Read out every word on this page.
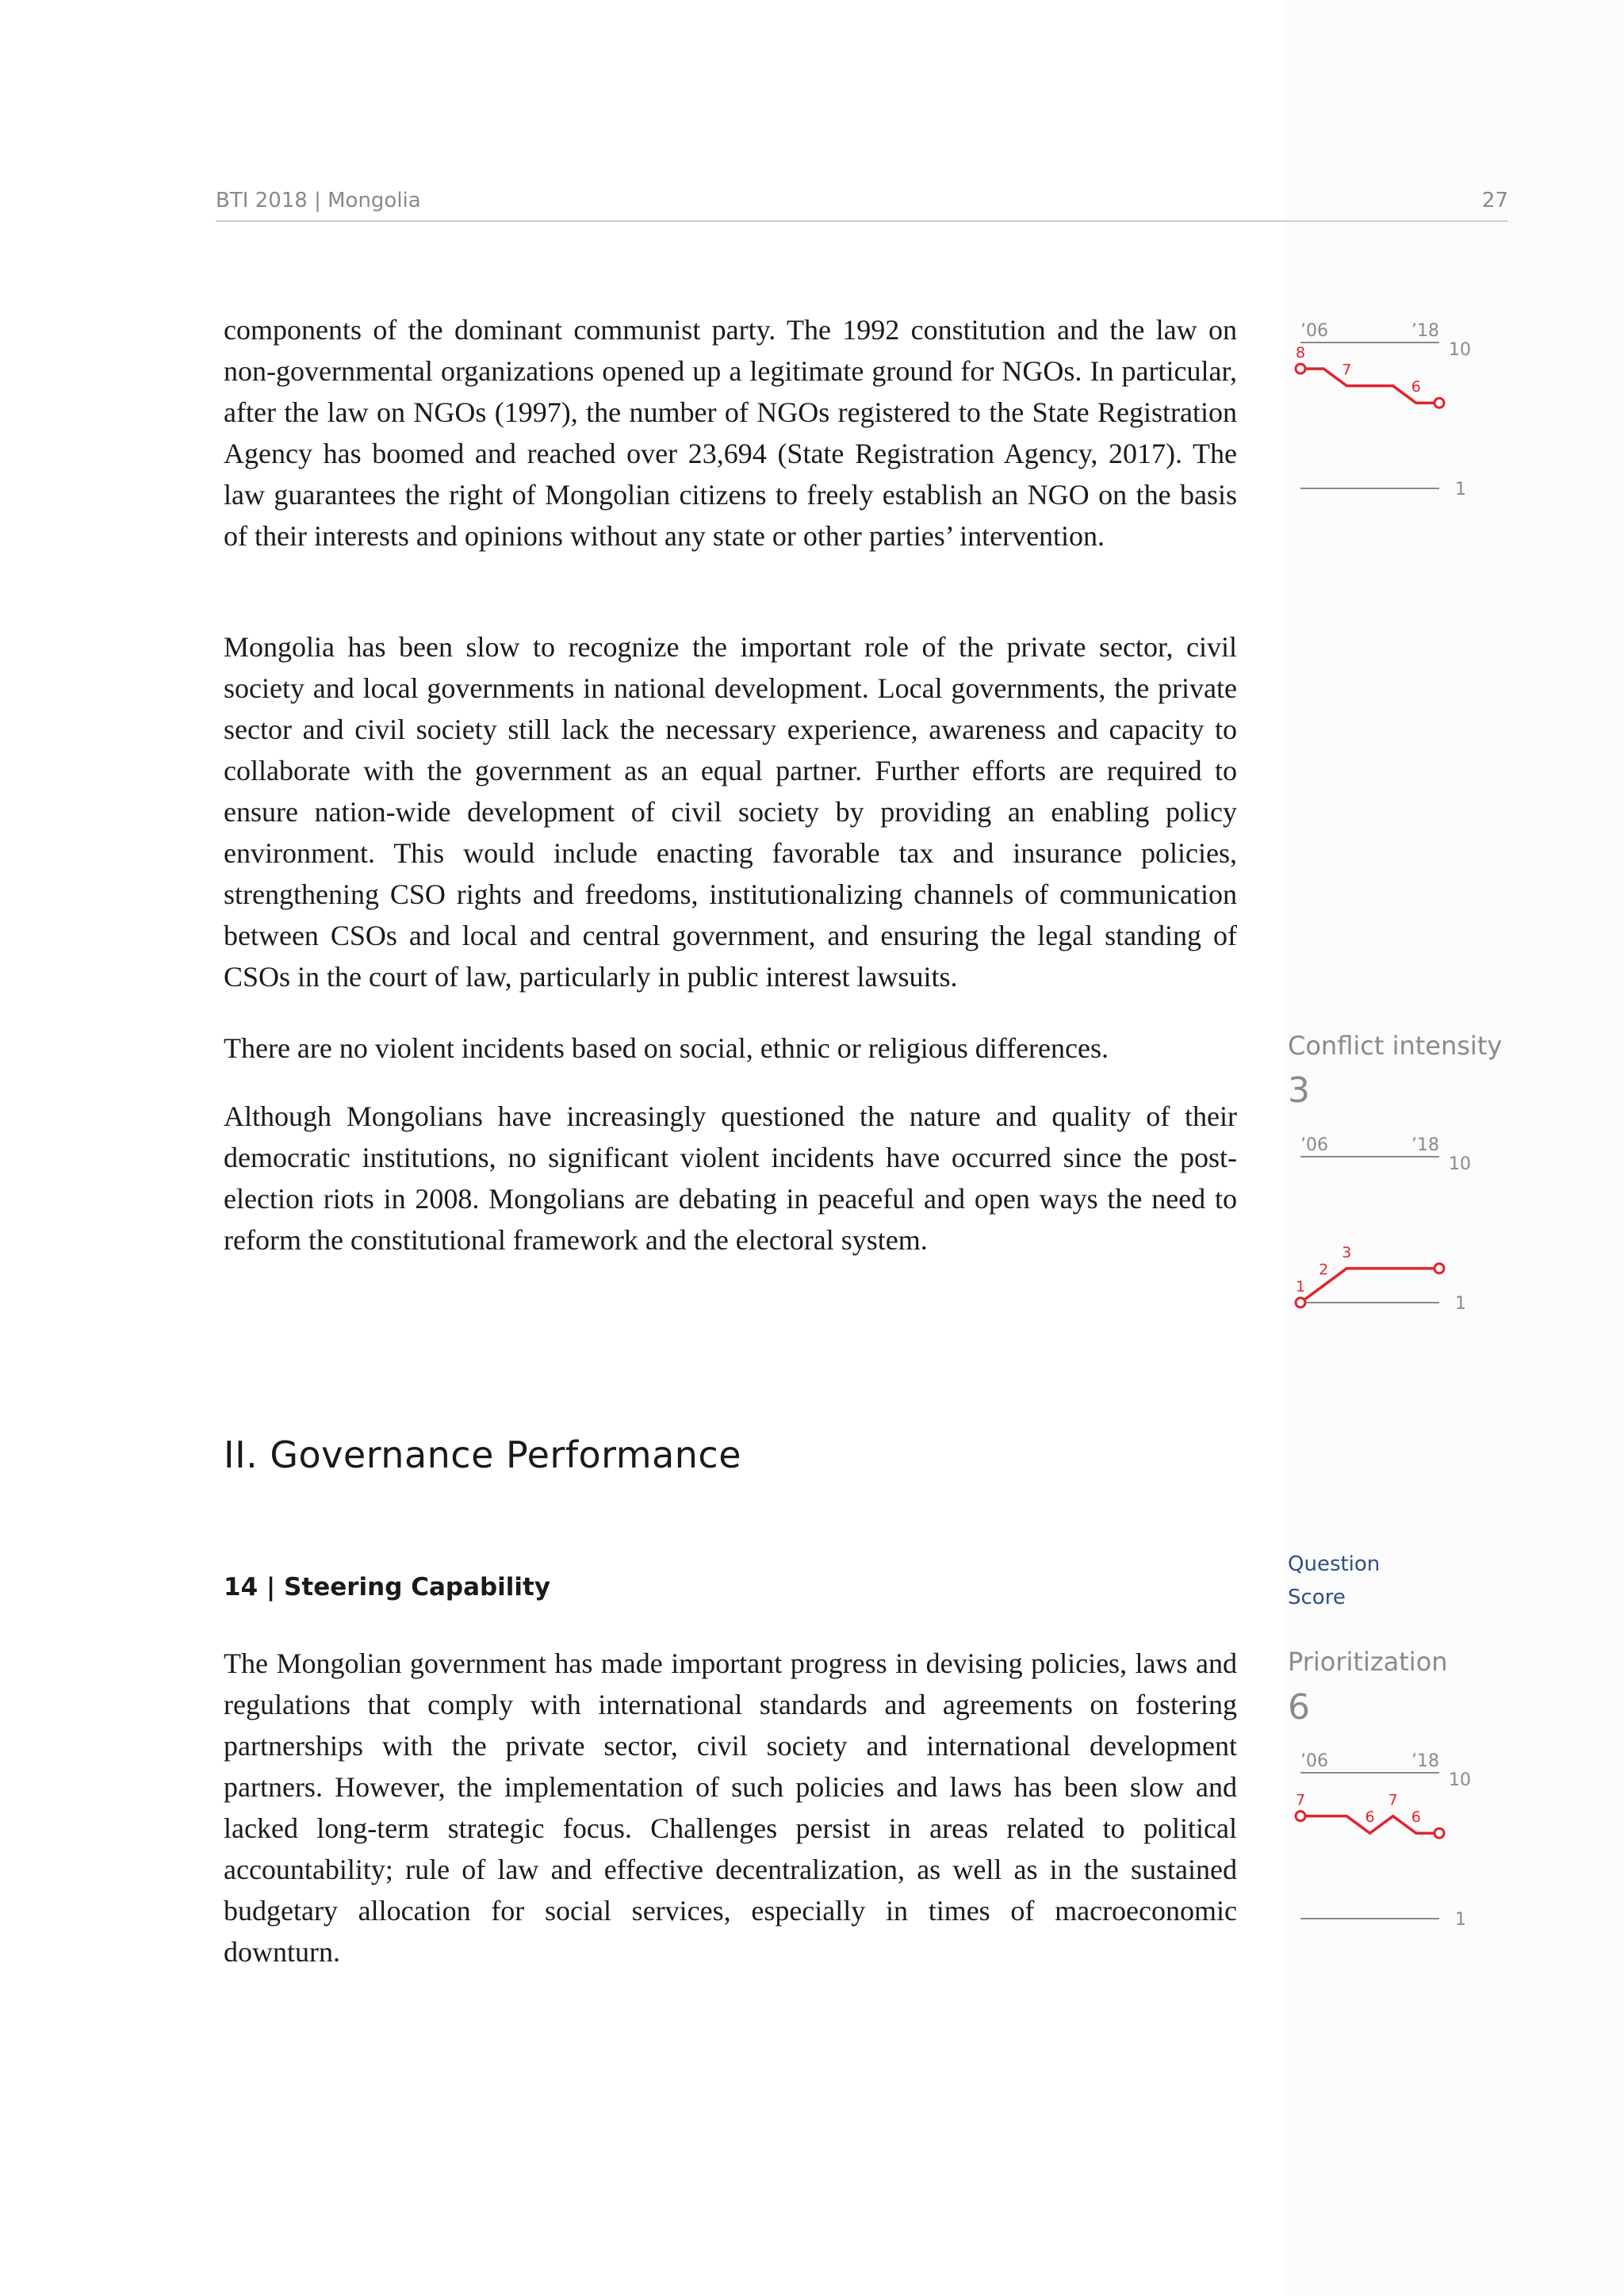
BTI 2018 | Mongolia	27

components of the dominant communist party. The 1992 constitution and the law on non-governmental organizations opened up a legitimate ground for NGOs. In particular, after the law on NGOs (1997), the number of NGOs registered to the State Registration Agency has boomed and reached over 23,694 (State Registration Agency, 2017). The law guarantees the right of Mongolian citizens to freely establish an NGO on the basis of their interests and opinions without any state or other parties’ intervention.

Mongolia has been slow to recognize the important role of the private sector, civil society and local governments in national development. Local governments, the private sector and civil society still lack the necessary experience, awareness and capacity to collaborate with the government as an equal partner. Further efforts are required to ensure nation-wide development of civil society by providing an enabling policy environment. This would include enacting favorable tax and insurance policies, strengthening CSO rights and freedoms, institutionalizing channels of communication between CSOs and local and central government, and ensuring the legal standing of CSOs in the court of law, particularly in public interest lawsuits.

There are no violent incidents based on social, ethnic or religious differences.

Although Mongolians have increasingly questioned the nature and quality of their democratic institutions, no significant violent incidents have occurred since the post-election riots in 2008. Mongolians are debating in peaceful and open ways the need to reform the constitutional framework and the electoral system.

II. Governance Performance
14 | Steering Capability

The Mongolian government has made important progress in devising policies, laws and regulations that comply with international standards and agreements on fostering partnerships with the private sector, civil society and international development partners. However, the implementation of such policies and laws has been slow and lacked long-term strategic focus. Challenges persist in areas related to political accountability; rule of law and effective decentralization, as well as in the sustained budgetary allocation for social services, especially in times of macroeconomic downturn.

’06	’18
10
1
8
7
6
Conflict intensity
3
’06	’18
10
1
1
2
3
Question
Score
Prioritization
6
’06	’18
10
1
7
6
7
6
